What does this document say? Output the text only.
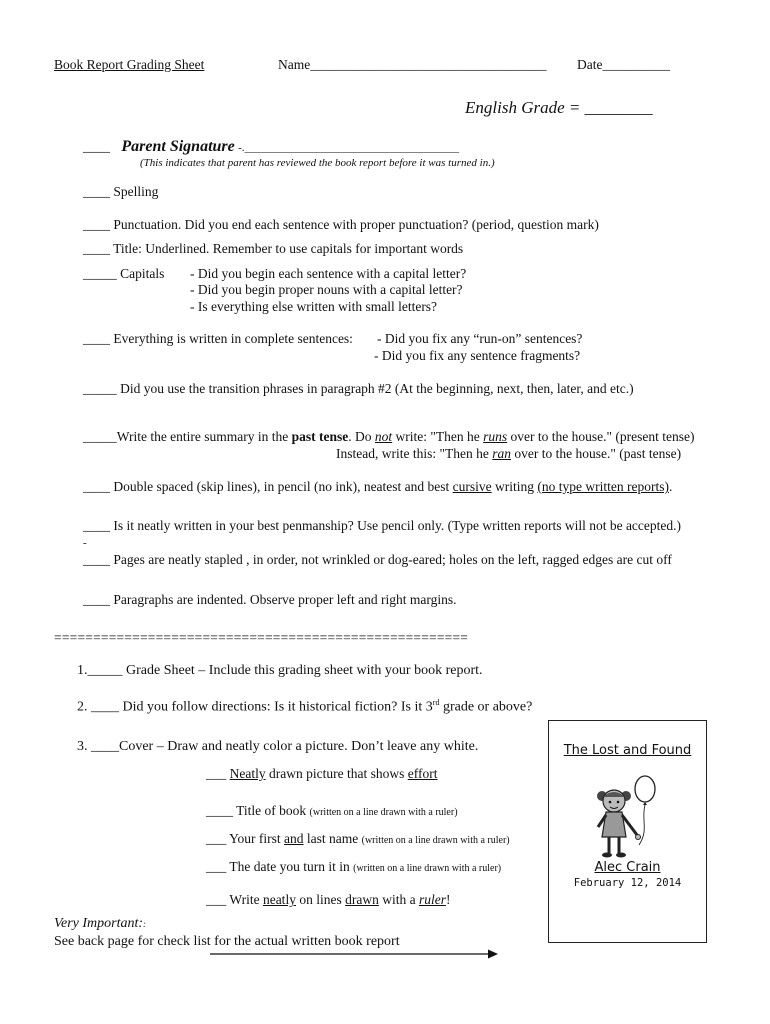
Book Report Grading Sheet	Name___________________________________ Date__________
English Grade = ________
____ Parent Signature -._______________________________________
(This indicates that parent has reviewed the book report before it was turned in.)
____ Spelling
____ Punctuation. Did you end each sentence with proper punctuation? (period, question mark)
____ Title: Underlined. Remember to use capitals for important words
_____ Capitals - Did you begin each sentence with a capital letter?
- Did you begin proper nouns with a capital letter?
- Is everything else written with small letters?
____ Everything is written in complete sentences: - Did you fix any “run-on” sentences?
- Did you fix any sentence fragments?
_____ Did you use the transition phrases in paragraph #2 (At the beginning, next, then, later, and etc.)
_____Write the entire summary in the past tense. Do not write: "Then he runs over to the house." (present tense)
Instead, write this: "Then he ran over to the house." (past tense)
____ Double spaced (skip lines), in pencil (no ink), neatest and best cursive writing (no type written reports).
____ Is it neatly written in your best penmanship? Use pencil only. (Type written reports will not be accepted.)
-
____ Pages are neatly stapled , in order, not wrinkled or dog-eared; holes on the left, ragged edges are cut off
____ Paragraphs are indented. Observe proper left and right margins.
=====================================================
1._____ Grade Sheet – Include this grading sheet with your book report.
2. ____ Did you follow directions: Is it historical fiction? Is it 3rd grade or above?
3. ____Cover – Draw and neatly color a picture. Don’t leave any white.
___ Neatly drawn picture that shows effort
____ Title of book (written on a line drawn with a ruler)
___ Your first and last name (written on a line drawn with a ruler)
___ The date you turn it in (written on a line drawn with a ruler)
___ Write neatly on lines drawn with a ruler!
Very Important::
See back page for check list for the actual written book report
The Lost and Found
Alec Crain
February 12, 2014
